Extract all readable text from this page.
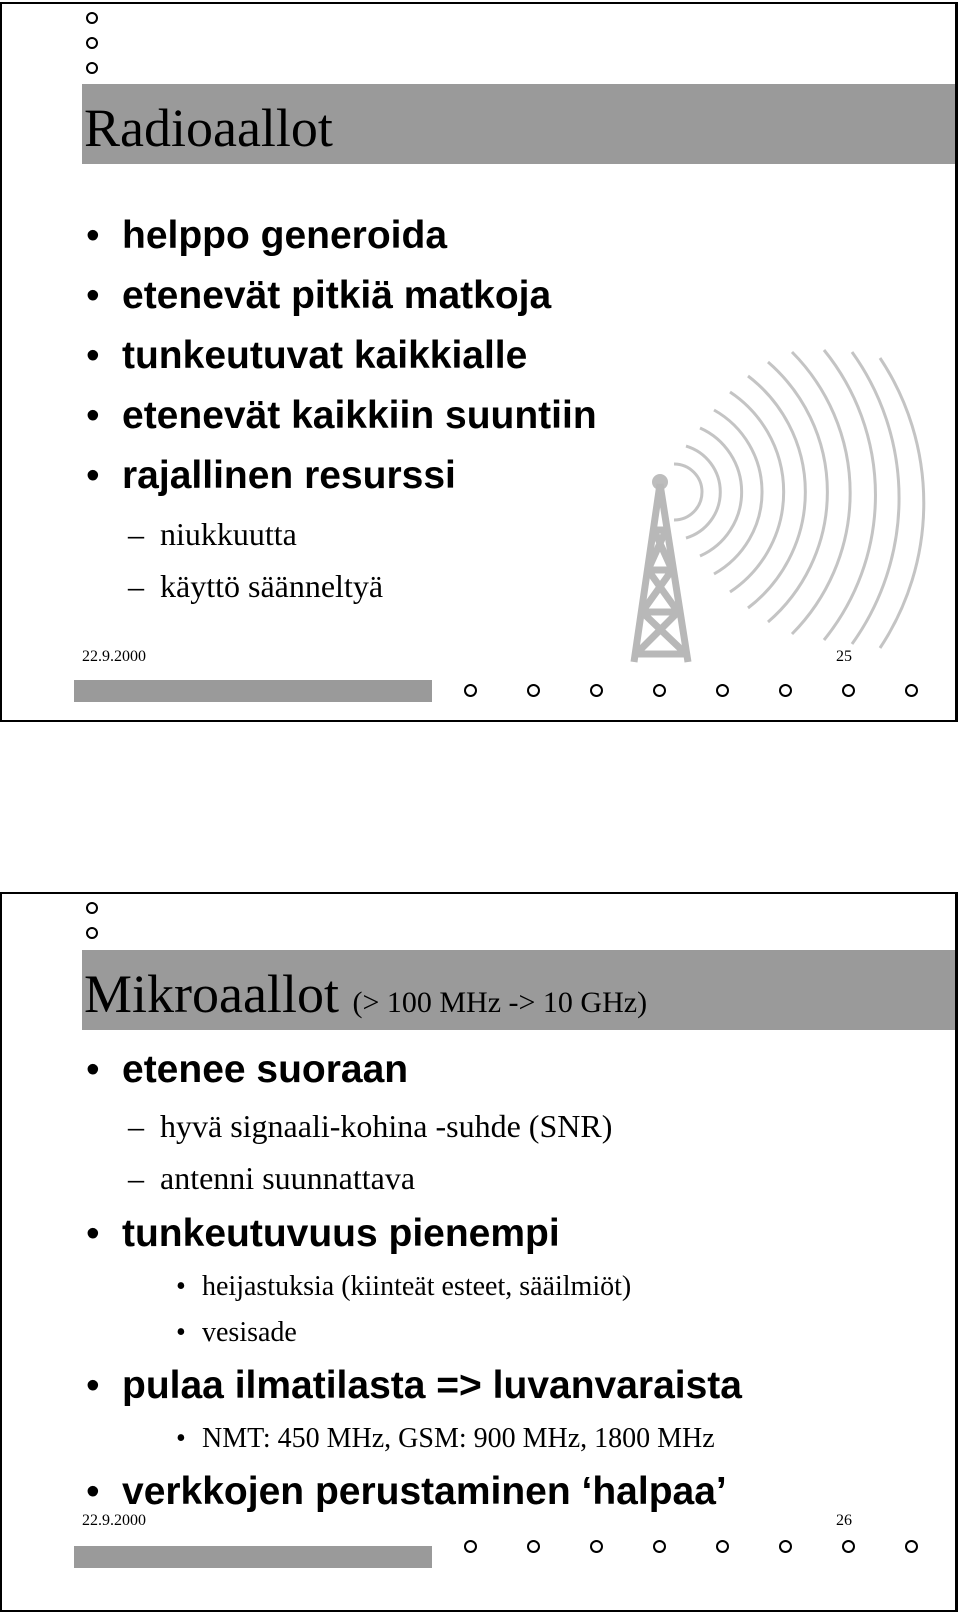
Radioaallot
• helppo generoida
• etenevät pitkiä matkoja
• tunkeutuvat kaikkialle
• etenevät kaikkiin suuntiin
• rajallinen resurssi
– niukkuutta
– käyttö säänneltyä
22.9.2000	25
Mikroaallot (> 100 MHz -> 10 GHz)
• etenee suoraan
– hyvä signaali-kohina -suhde (SNR)
– antenni suunnattava
• tunkeutuvuus pienempi
• heijastuksia (kiinteät esteet, sääilmiöt)
• vesisade
• pulaa ilmatilasta => luvanvaraista
• NMT: 450 MHz, GSM: 900 MHz, 1800 MHz
• verkkojen perustaminen ‘halpaa’
22.9.2000	26
